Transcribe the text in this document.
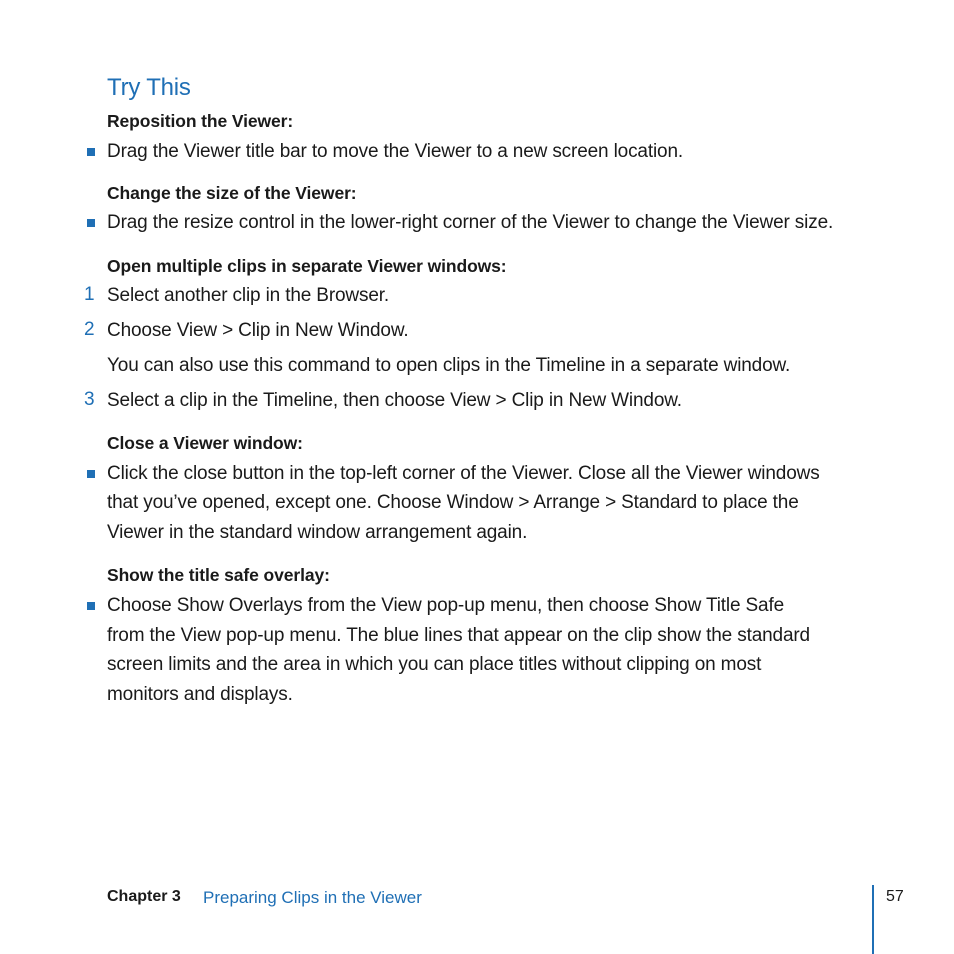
Try This

Reposition the Viewer:

Drag the Viewer title bar to move the Viewer to a new screen location.

Change the size of the Viewer:

Drag the resize control in the lower-right corner of the Viewer to change the Viewer size.

Open multiple clips in separate Viewer windows:

1 Select another clip in the Browser.

2 Choose View > Clip in New Window.

You can also use this command to open clips in the Timeline in a separate window.

3 Select a clip in the Timeline, then choose View > Clip in New Window.

Close a Viewer window:

Click the close button in the top-left corner of the Viewer. Close all the Viewer windows

that you’ve opened, except one. Choose Window > Arrange > Standard to place the

Viewer in the standard window arrangement again.

Show the title safe overlay:

Choose Show Overlays from the View pop-up menu, then choose Show Title Safe

from the View pop-up menu. The blue lines that appear on the clip show the standard

screen limits and the area in which you can place titles without clipping on most

monitors and displays.

Chapter 3 Preparing Clips in the Viewer	57
